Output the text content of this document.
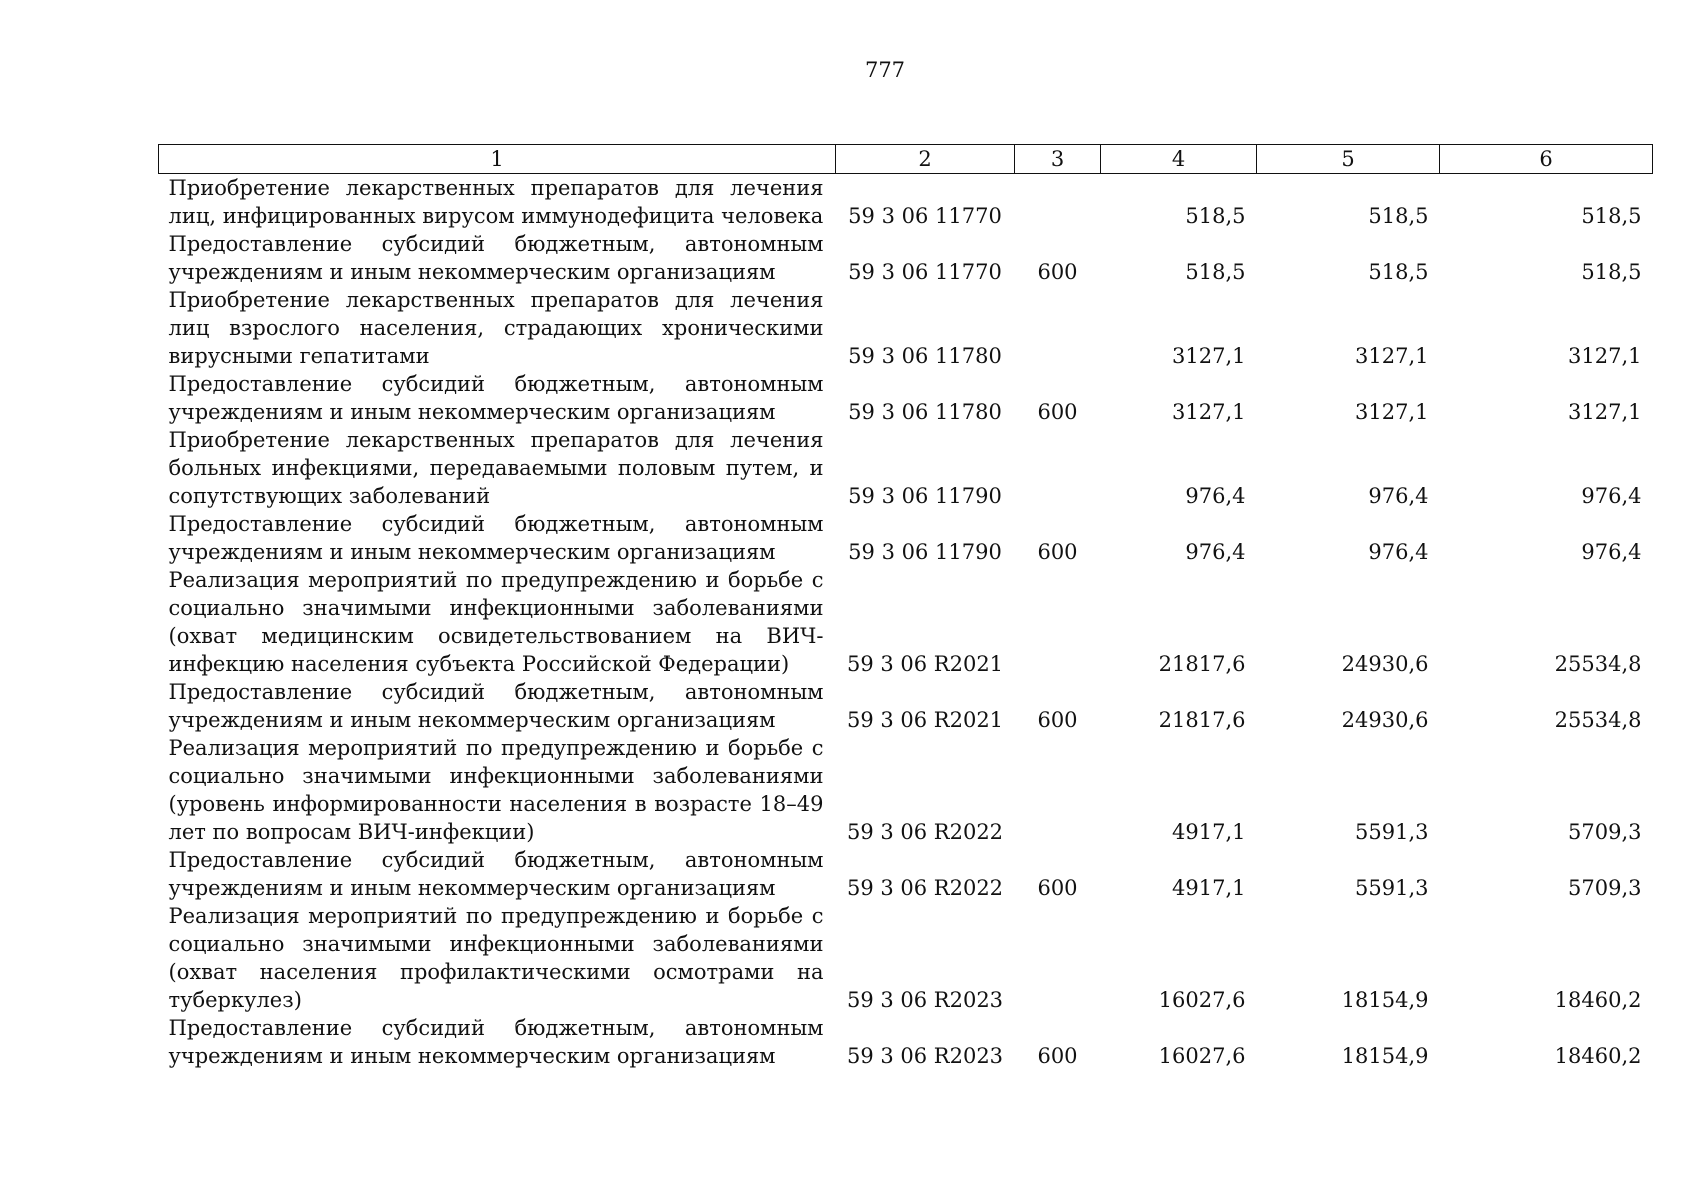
777
1	2	3	4	5	6
Приобретение лекарственных препаратов для лечения лиц, инфицированных вирусом иммунодефицита человека	59 3 06 11770		518,5	518,5	518,5
Предоставление субсидий бюджетным, автономным учреждениям и иным некоммерческим организациям	59 3 06 11770	600	518,5	518,5	518,5
Приобретение лекарственных препаратов для лечения лиц взрослого населения, страдающих хроническими вирусными гепатитами	59 3 06 11780		3127,1	3127,1	3127,1
Предоставление субсидий бюджетным, автономным учреждениям и иным некоммерческим организациям	59 3 06 11780	600	3127,1	3127,1	3127,1
Приобретение лекарственных препаратов для лечения больных инфекциями, передаваемыми половым путем, и сопутствующих заболеваний	59 3 06 11790		976,4	976,4	976,4
Предоставление субсидий бюджетным, автономным учреждениям и иным некоммерческим организациям	59 3 06 11790	600	976,4	976,4	976,4
Реализация мероприятий по предупреждению и борьбе с социально значимыми инфекционными заболеваниями (охват медицинским освидетельствованием на ВИЧ-инфекцию населения субъекта Российской Федерации)	59 3 06 R2021		21817,6	24930,6	25534,8
Предоставление субсидий бюджетным, автономным учреждениям и иным некоммерческим организациям	59 3 06 R2021	600	21817,6	24930,6	25534,8
Реализация мероприятий по предупреждению и борьбе с социально значимыми инфекционными заболеваниями (уровень информированности населения в возрасте 18–49 лет по вопросам ВИЧ-инфекции)	59 3 06 R2022		4917,1	5591,3	5709,3
Предоставление субсидий бюджетным, автономным учреждениям и иным некоммерческим организациям	59 3 06 R2022	600	4917,1	5591,3	5709,3
Реализация мероприятий по предупреждению и борьбе с социально значимыми инфекционными заболеваниями (охват населения профилактическими осмотрами на туберкулез)	59 3 06 R2023		16027,6	18154,9	18460,2
Предоставление субсидий бюджетным, автономным учреждениям и иным некоммерческим организациям	59 3 06 R2023	600	16027,6	18154,9	18460,2
